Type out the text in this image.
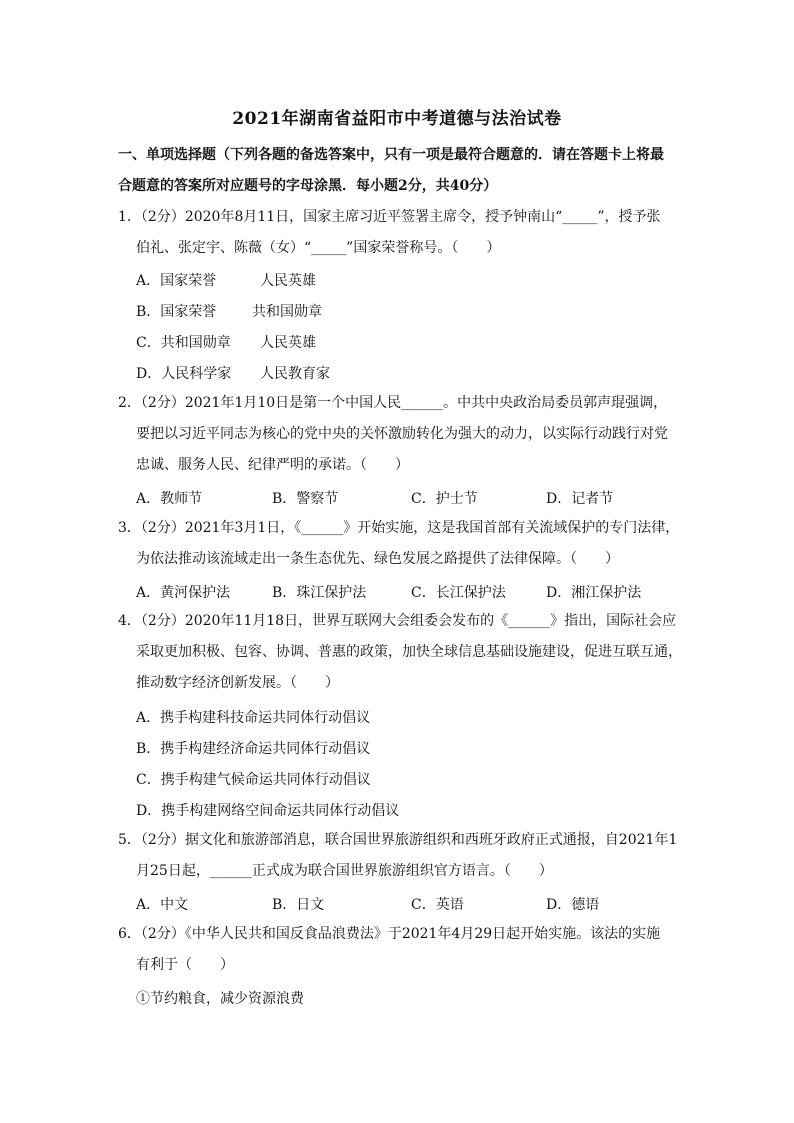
2021年湖南省益阳市中考道德与法治试卷
一、单项选择题（下列各题的备选答案中，只有一项是最符合题意的．请在答题卡上将最
合题意的答案所对应题号的字母涂黑．每小题2分，共40分）
1．（2分）2020年8月11日，国家主席习近平签署主席令，授予钟南山“_____”，授予张
伯礼、张定宇、陈薇（女）“_____”国家荣誉称号。（　　）
A．国家荣誉	人民英雄
B．国家荣誉	共和国勋章
C．共和国勋章 人民英雄
D．人民科学家 人民教育家
2．（2分）2021年1月10日是第一个中国人民______。中共中央政治局委员郭声琨强调，
要把以习近平同志为核心的党中央的关怀激励转化为强大的动力，以实际行动践行对党
忠诚、服务人民、纪律严明的承诺。（　　）
A．教师节	B．警察节	C．护士节	D．记者节
3．（2分）2021年3月1日，《______》开始实施，这是我国首部有关流域保护的专门法律，
为依法推动该流域走出一条生态优先、绿色发展之路提供了法律保障。（　　）
A．黄河保护法	B．珠江保护法	C．长江保护法	D．湘江保护法
4．（2分）2020年11月18日，世界互联网大会组委会发布的《______》指出，国际社会应
采取更加积极、包容、协调、普惠的政策，加快全球信息基础设施建设，促进互联互通，
推动数字经济创新发展。（　　）
A．携手构建科技命运共同体行动倡议
B．携手构建经济命运共同体行动倡议
C．携手构建气候命运共同体行动倡议
D．携手构建网络空间命运共同体行动倡议
5．（2分）据文化和旅游部消息，联合国世界旅游组织和西班牙政府正式通报，自2021年1
月25日起，______正式成为联合国世界旅游组织官方语言。（　　）
A．中文	B．日文	C．英语	D．德语
6．（2分）《中华人民共和国反食品浪费法》于2021年4月29日起开始实施。该法的实施
有利于（　　）
①节约粮食，减少资源浪费
